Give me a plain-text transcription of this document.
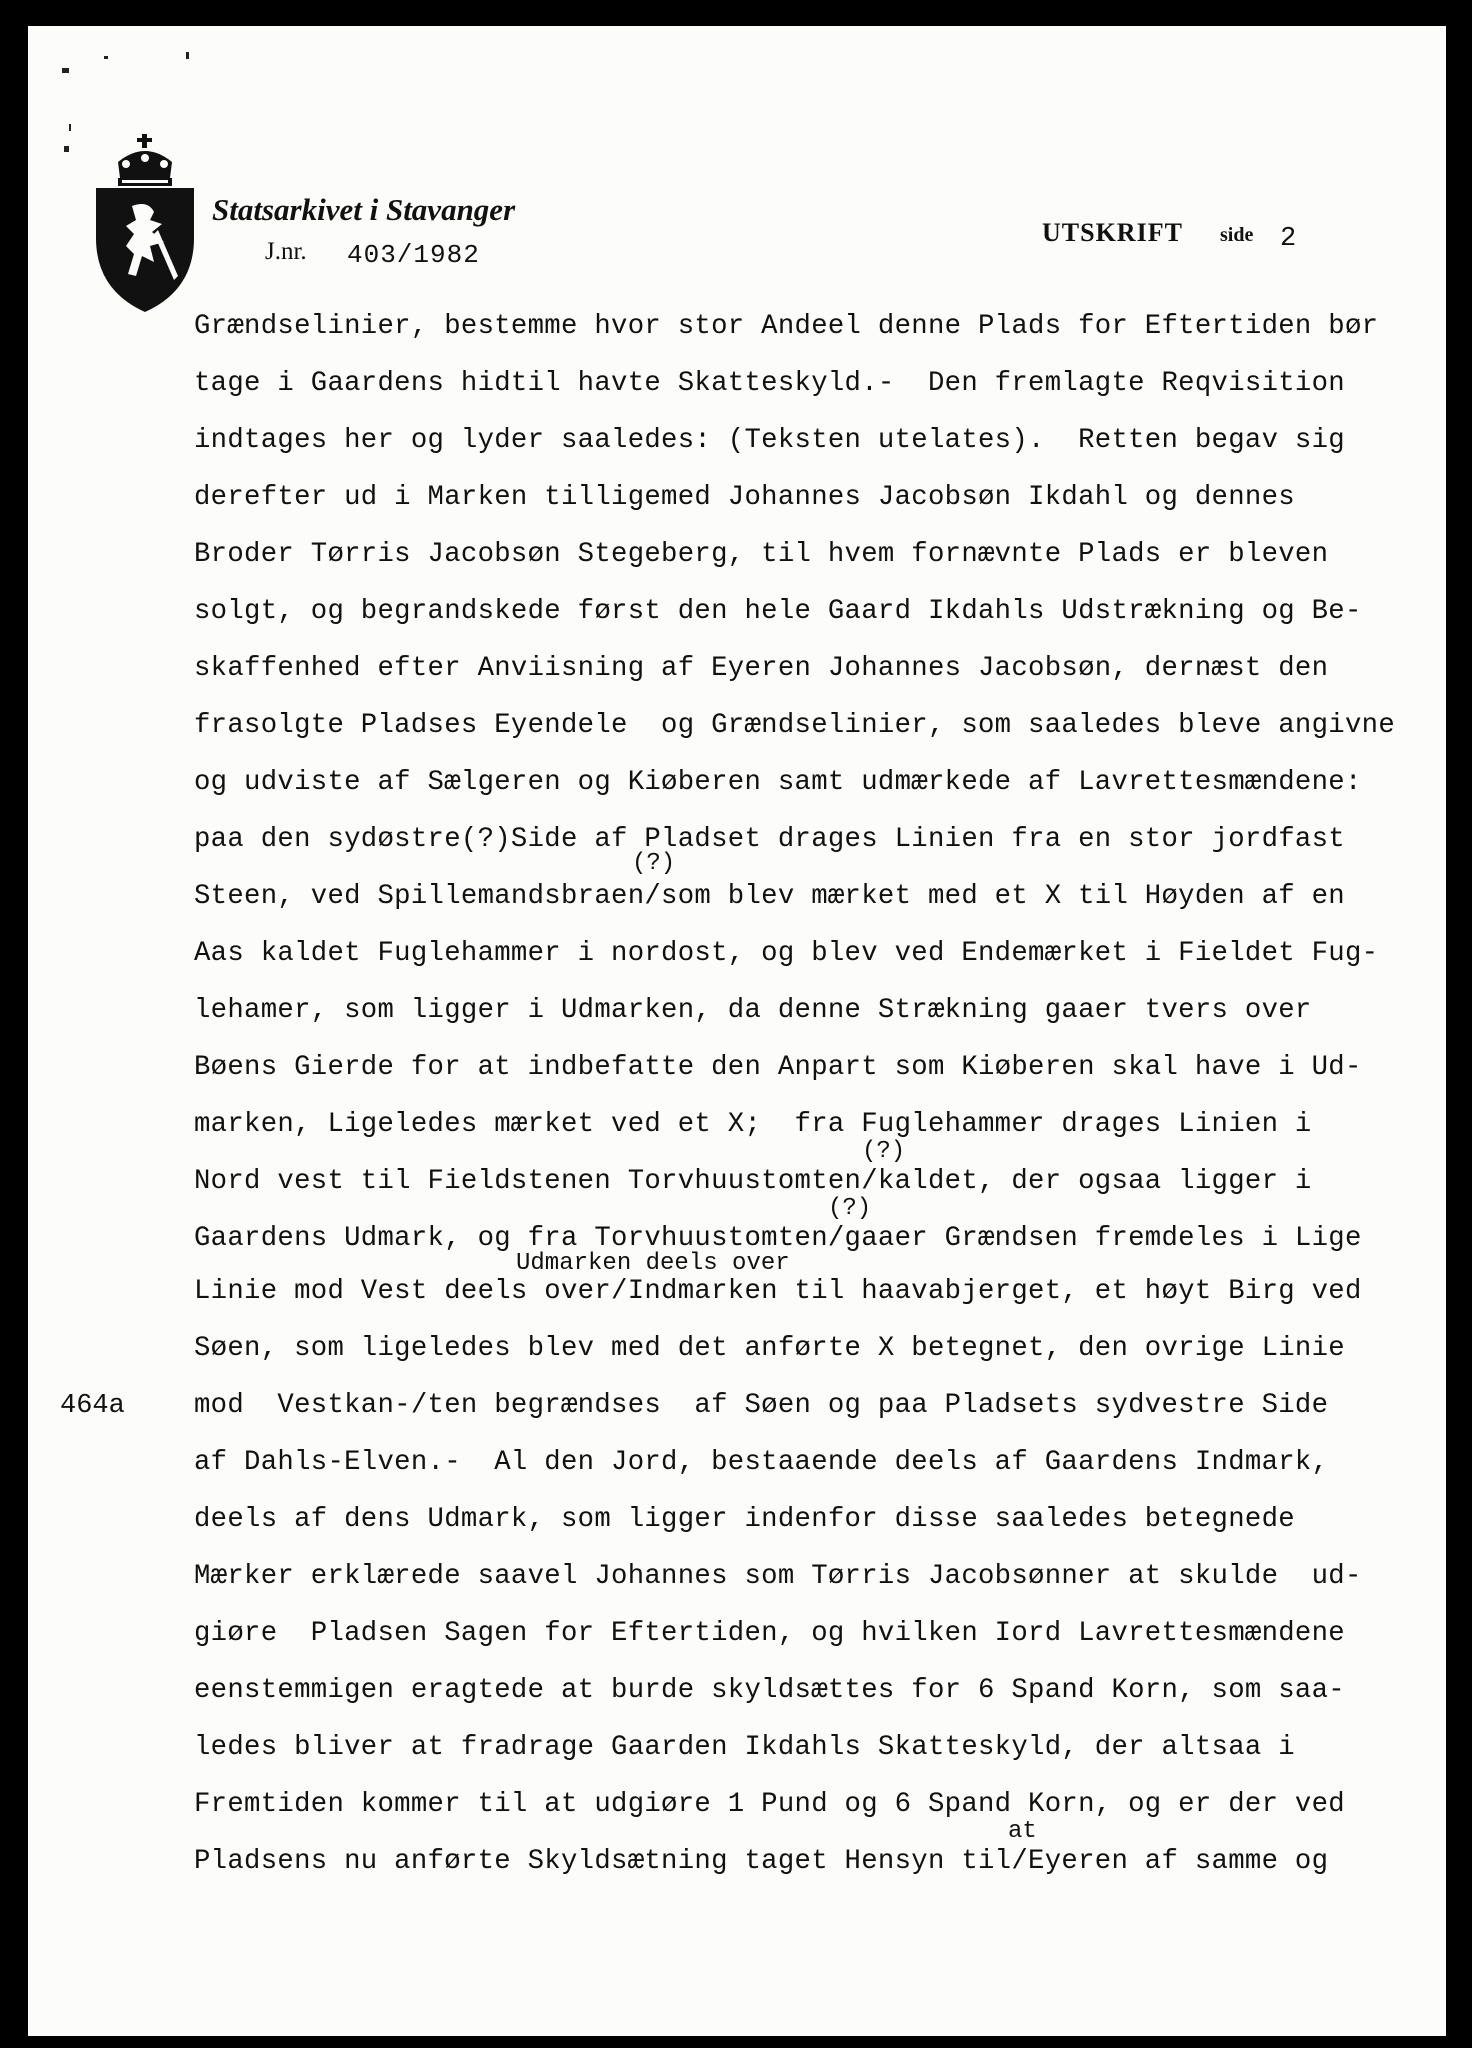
Statsarkivet i Stavanger
J.nr. 403/1982
UTSKRIFT side 2
464a
Grændselinier, bestemme hvor stor Andeel denne Plads for Eftertiden bør
tage i Gaardens hidtil havte Skatteskyld.-  Den fremlagte Reqvisition
indtages her og lyder saaledes: (Teksten utelates).  Retten begav sig
derefter ud i Marken tilligemed Johannes Jacobsøn Ikdahl og dennes
Broder Tørris Jacobsøn Stegeberg, til hvem fornævnte Plads er bleven
solgt, og begrandskede først den hele Gaard Ikdahls Udstrækning og Be-
skaffenhed efter Anviisning af Eyeren Johannes Jacobsøn, dernæst den
frasolgte Pladses Eyendele  og Grændselinier, som saaledes bleve angivne
og udviste af Sælgeren og Kiøberen samt udmærkede af Lavrettesmændene:
paa den sydøstre(?)Side af Pladset drages Linien fra en stor jordfast
(?)
Steen, ved Spillemandsbraen/som blev mærket med et X til Høyden af en
Aas kaldet Fuglehammer i nordost, og blev ved Endemærket i Fieldet Fug-
lehamer, som ligger i Udmarken, da denne Strækning gaaer tvers over
Bøens Gierde for at indbefatte den Anpart som Kiøberen skal have i Ud-
marken, Ligeledes mærket ved et X;  fra Fuglehammer drages Linien i
(?)
Nord vest til Fieldstenen Torvhuustomten/kaldet, der ogsaa ligger i
(?)
Gaardens Udmark, og fra Torvhuustomten/gaaer Grændsen fremdeles i Lige
Udmarken deels over
Linie mod Vest deels over/Indmarken til haavabjerget, et høyt Birg ved
Søen, som ligeledes blev med det anførte X betegnet, den ovrige Linie
mod  Vestkan-/ten begrændses  af Søen og paa Pladsets sydvestre Side
af Dahls-Elven.-  Al den Jord, bestaaende deels af Gaardens Indmark,
deels af dens Udmark, som ligger indenfor disse saaledes betegnede
Mærker erklærede saavel Johannes som Tørris Jacobsønner at skulde  ud-
giøre  Pladsen Sagen for Eftertiden, og hvilken Iord Lavrettesmændene
eenstemmigen eragtede at burde skyldsættes for 6 Spand Korn, som saa-
ledes bliver at fradrage Gaarden Ikdahls Skatteskyld, der altsaa i
Fremtiden kommer til at udgiøre 1 Pund og 6 Spand Korn, og er der ved
at
Pladsens nu anførte Skyldsætning taget Hensyn til/Eyeren af samme og
